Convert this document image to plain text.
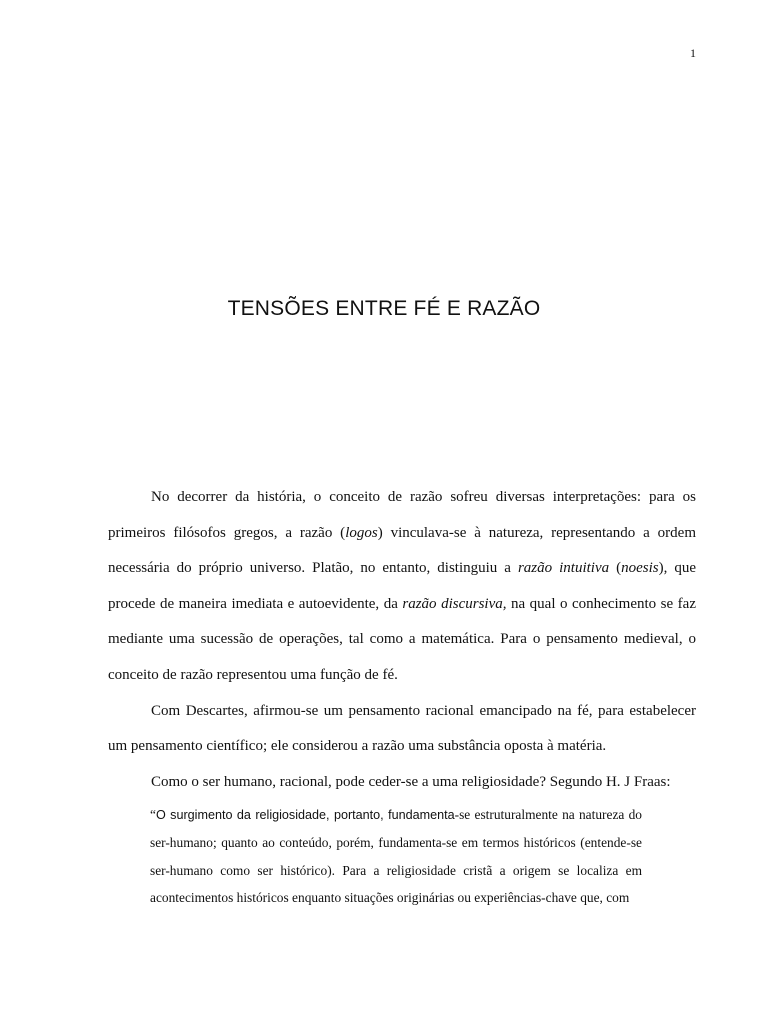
1
TENSÕES ENTRE FÉ E RAZÃO

No decorrer da história, o conceito de razão sofreu diversas interpretações: para os primeiros filósofos gregos, a razão (logos) vinculava-se à natureza, representando a ordem necessária do próprio universo. Platão, no entanto, distinguiu a razão intuitiva (noesis), que procede de maneira imediata e autoevidente, da razão discursiva, na qual o conhecimento se faz mediante uma sucessão de operações, tal como a matemática. Para o pensamento medieval, o conceito de razão representou uma função de fé.

Com Descartes, afirmou-se um pensamento racional emancipado na fé, para estabelecer um pensamento científico; ele considerou a razão uma substância oposta à matéria.

Como o ser humano, racional, pode ceder-se a uma religiosidade? Segundo H. J Fraas:

“O surgimento da religiosidade, portanto, fundamenta-se estruturalmente na natureza do ser-humano; quanto ao conteúdo, porém, fundamenta-se em termos históricos (entende-se ser-humano como ser histórico). Para a religiosidade cristã a origem se localiza em acontecimentos históricos enquanto situações originárias ou experiências-chave que, com
